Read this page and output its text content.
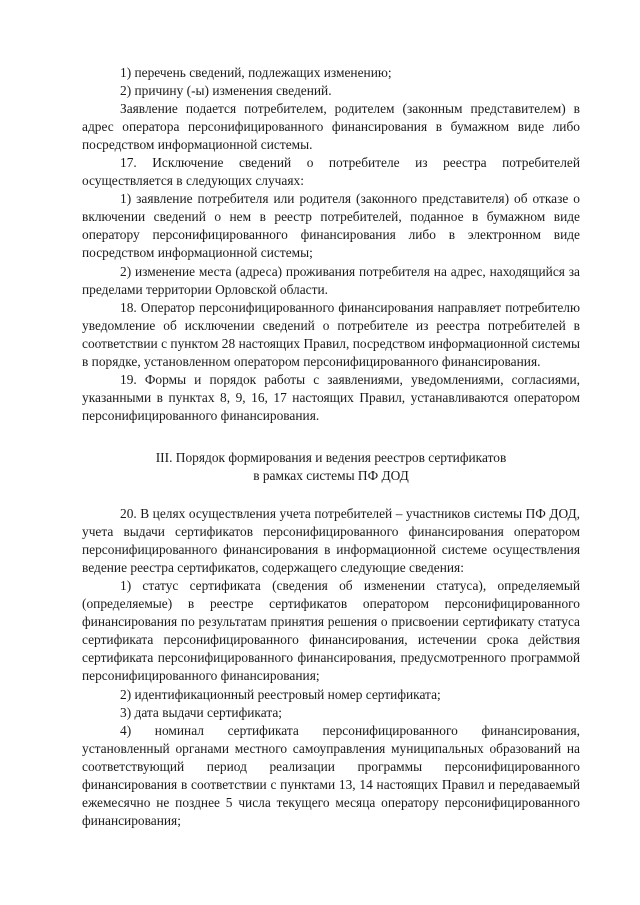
1) перечень сведений, подлежащих изменению;

2) причину (-ы) изменения сведений.

Заявление подается потребителем, родителем (законным представителем) в адрес оператора персонифицированного финансирования в бумажном виде либо посредством информационной системы.

17. Исключение сведений о потребителе из реестра потребителей осуществляется в следующих случаях:

1) заявление потребителя или родителя (законного представителя) об отказе о включении сведений о нем в реестр потребителей, поданное в бумажном виде оператору персонифицированного финансирования либо в электронном виде посредством информационной системы;

2) изменение места (адреса) проживания потребителя на адрес, находящийся за пределами территории Орловской области.

18. Оператор персонифицированного финансирования направляет потребителю уведомление об исключении сведений о потребителе из реестра потребителей в соответствии с пунктом 28 настоящих Правил, посредством информационной системы в порядке, установленном оператором персонифицированного финансирования.

19. Формы и порядок работы с заявлениями, уведомлениями, согласиями, указанными в пунктах 8, 9, 16, 17 настоящих Правил, устанавливаются оператором персонифицированного финансирования.

III. Порядок формирования и ведения реестров сертификатов

в рамках системы ПФ ДОД

20. В целях осуществления учета потребителей – участников системы ПФ ДОД, учета выдачи сертификатов персонифицированного финансирования оператором персонифицированного финансирования в информационной системе осуществления ведение реестра сертификатов, содержащего следующие сведения:

1) статус сертификата (сведения об изменении статуса), определяемый (определяемые) в реестре сертификатов оператором персонифицированного финансирования по результатам принятия решения о присвоении сертификату статуса сертификата персонифицированного финансирования, истечении срока действия сертификата персонифицированного финансирования, предусмотренного программой персонифицированного финансирования;

2) идентификационный реестровый номер сертификата;

3) дата выдачи сертификата;

4) номинал сертификата персонифицированного финансирования, установленный органами местного самоуправления муниципальных образований на соответствующий период реализации программы персонифицированного финансирования в соответствии с пунктами 13, 14 настоящих Правил и передаваемый ежемесячно не позднее 5 числа текущего месяца оператору персонифицированного финансирования;
